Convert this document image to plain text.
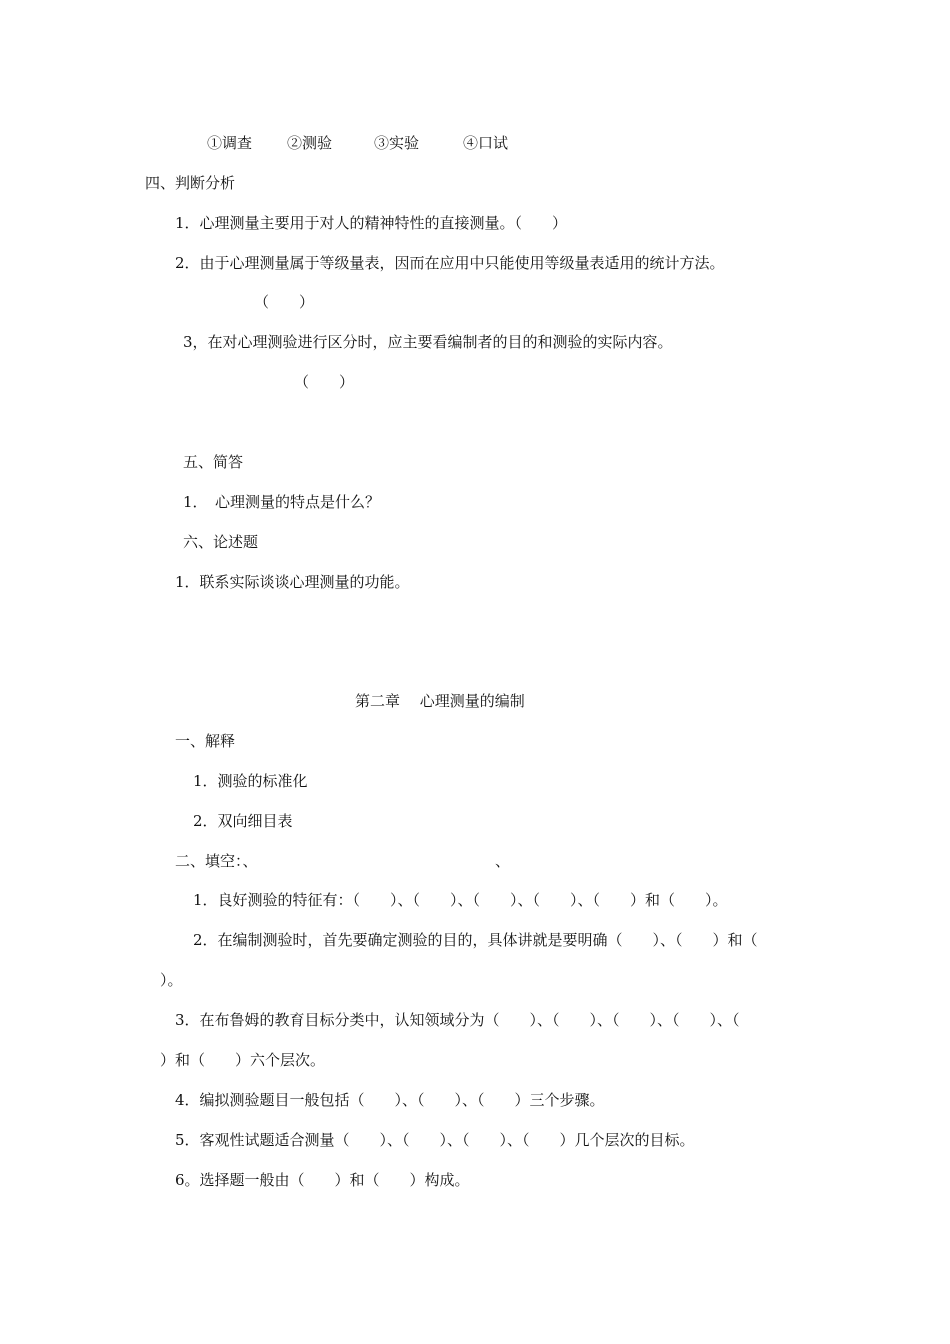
①调查 ②测验	③实验	④口试
四、判断分析
1．心理测量主要用于对人的精神特性的直接测量。（　　）
2．由于心理测量属于等级量表，因而在应用中只能使用等级量表适用的统计方法。
（　　）
3，在对心理测验进行区分时，应主要看编制者的目的和测验的实际内容。
（　　）
五、简答
1．　心理测量的特点是什么？
六、论述题
1．联系实际谈谈心理测量的功能。
第二章　 心理测量的编制
一、解释
1．测验的标准化
2．双向细目表
二、填空：、	、
1．良好测验的特征有：（　　）、（　　）、（　　）、（　　）、（　　）和（　　）。
2．在编制测验时，首先要确定测验的目的，具体讲就是要明确（　　）、（　　）和（
）。
3．在布鲁姆的教育目标分类中，认知领域分为（　　）、（　　）、（　　）、（　　）、（
）和（　　）六个层次。
4．编拟测验题目一般包括（　　）、（　　）、（　　）三个步骤。
5．客观性试题适合测量（　　）、（　　）、（　　）、（　　）几个层次的目标。
6。选择题一般由（　　）和（　　）构成。
